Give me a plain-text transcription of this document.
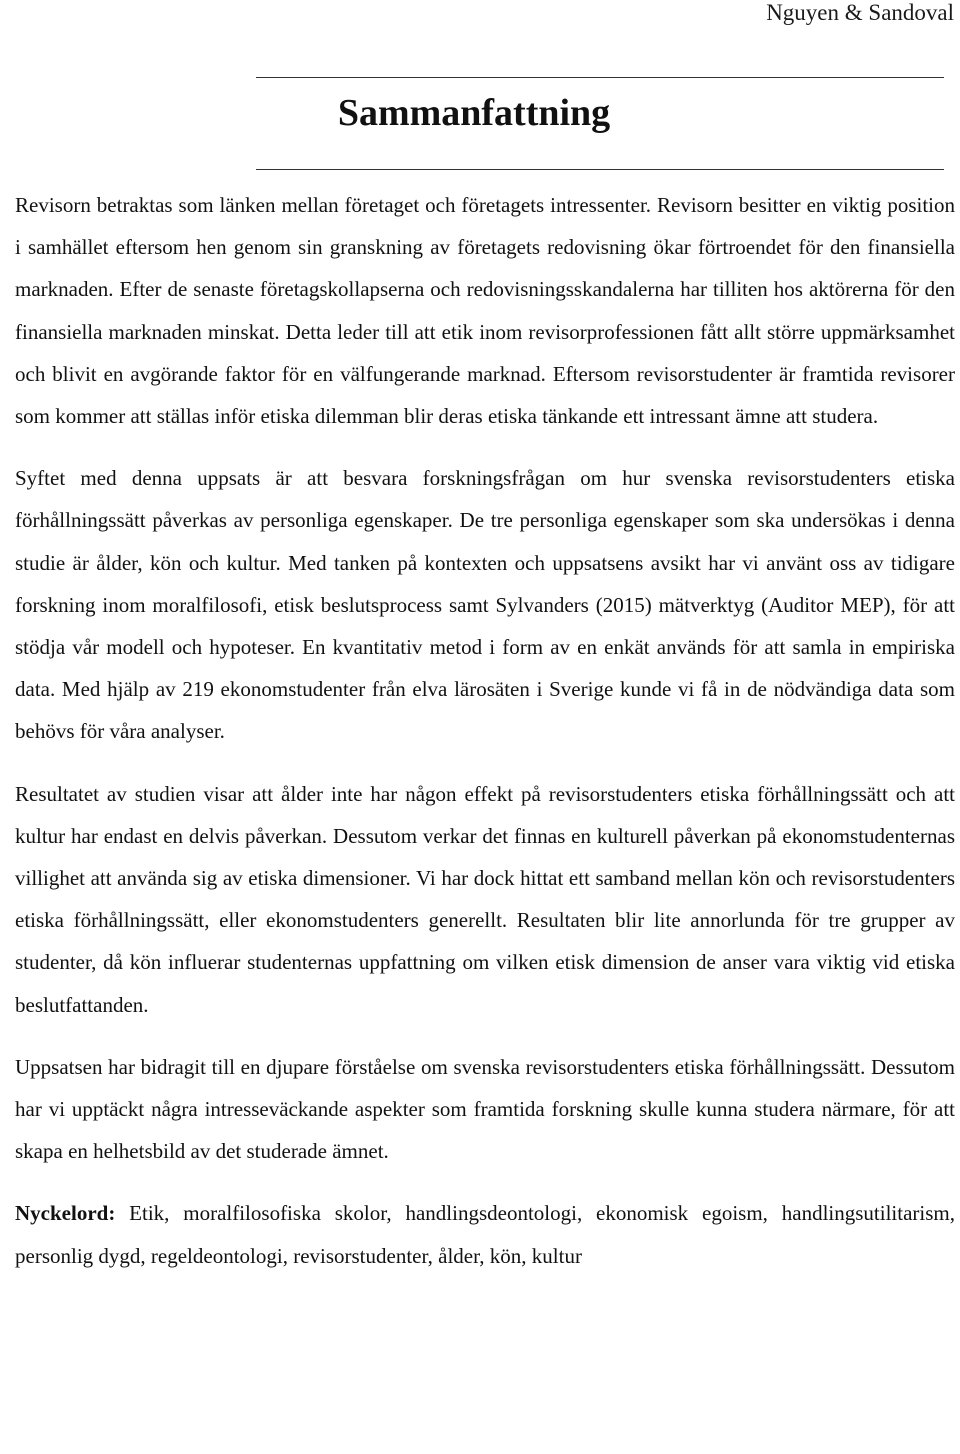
Nguyen & Sandoval
Sammanfattning

Revisorn betraktas som länken mellan företaget och företagets intressenter. Revisorn besitter en viktig position i samhället eftersom hen genom sin granskning av företagets redovisning ökar förtroendet för den finansiella marknaden. Efter de senaste företagskollapserna och redovisningsskandalerna har tilliten hos aktörerna för den finansiella marknaden minskat. Detta leder till att etik inom revisorprofessionen fått allt större uppmärksamhet och blivit en avgörande faktor för en välfungerande marknad. Eftersom revisorstudenter är framtida revisorer som kommer att ställas inför etiska dilemman blir deras etiska tänkande ett intressant ämne att studera.

Syftet med denna uppsats är att besvara forskningsfrågan om hur svenska revisorstudenters etiska förhållningssätt påverkas av personliga egenskaper. De tre personliga egenskaper som ska undersökas i denna studie är ålder, kön och kultur. Med tanken på kontexten och uppsatsens avsikt har vi använt oss av tidigare forskning inom moralfilosofi, etisk beslutsprocess samt Sylvanders (2015) mätverktyg (Auditor MEP), för att stödja vår modell och hypoteser. En kvantitativ metod i form av en enkät används för att samla in empiriska data. Med hjälp av 219 ekonomstudenter från elva lärosäten i Sverige kunde vi få in de nödvändiga data som behövs för våra analyser.

Resultatet av studien visar att ålder inte har någon effekt på revisorstudenters etiska förhållningssätt och att kultur har endast en delvis påverkan. Dessutom verkar det finnas en kulturell påverkan på ekonomstudenternas villighet att använda sig av etiska dimensioner. Vi har dock hittat ett samband mellan kön och revisorstudenters etiska förhållningssätt, eller ekonomstudenters generellt. Resultaten blir lite annorlunda för tre grupper av studenter, då kön influerar studenternas uppfattning om vilken etisk dimension de anser vara viktig vid etiska beslutfattanden.

Uppsatsen har bidragit till en djupare förståelse om svenska revisorstudenters etiska förhållningssätt. Dessutom har vi upptäckt några intresseväckande aspekter som framtida forskning skulle kunna studera närmare, för att skapa en helhetsbild av det studerade ämnet.

Nyckelord: Etik, moralfilosofiska skolor, handlingsdeontologi, ekonomisk egoism, handlingsutilitarism, personlig dygd, regeldeontologi, revisorstudenter, ålder, kön, kultur
